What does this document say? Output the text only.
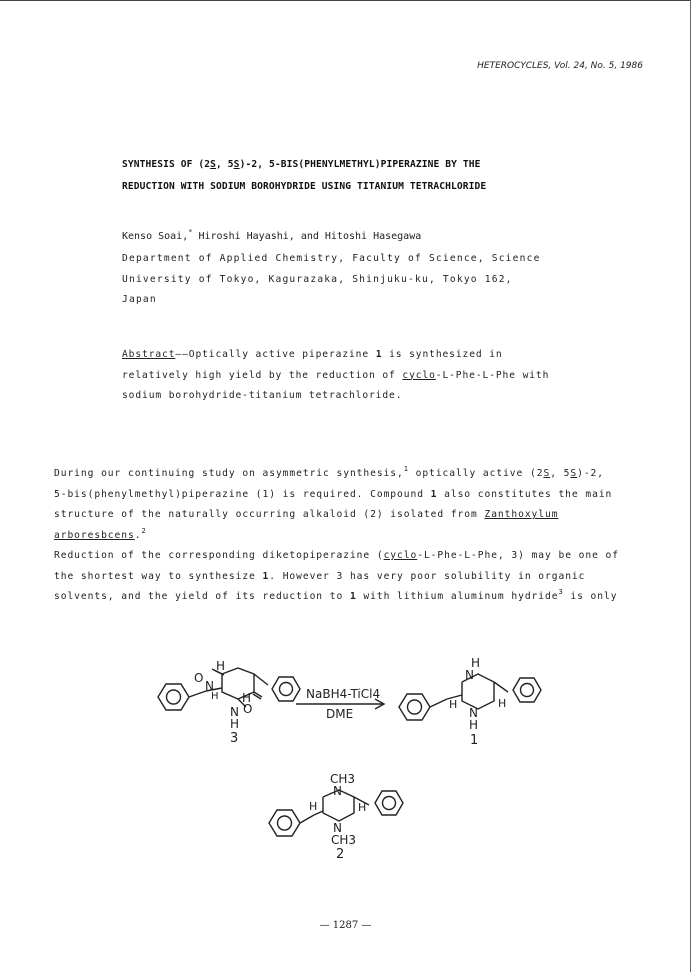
HETEROCYCLES, Vol. 24, No. 5, 1986
SYNTHESIS OF (2S, 5S)-2, 5-BIS(PHENYLMETHYL)PIPERAZINE BY THE
REDUCTION WITH SODIUM BOROHYDRIDE USING TITANIUM TETRACHLORIDE
Kenso Soai,* Hiroshi Hayashi, and Hitoshi Hasegawa
Department of Applied Chemistry, Faculty of Science, Science
University of Tokyo, Kagurazaka, Shinjuku-ku, Tokyo 162,
Japan
Abstract——Optically active piperazine 1 is synthesized in
relatively high yield by the reduction of cyclo-L-Phe-L-Phe with
sodium borohydride-titanium tetrachloride.
During our continuing study on asymmetric synthesis,$^1$ optically active (2S, 5S)-2,
5-bis(phenylmethyl)piperazine (1) is required. Compound 1 also constitutes the main
structure of the naturally occurring alkaloid (2) isolated from Zanthoxylum
arboresbcens.$^2$
Reduction of the corresponding diketopiperazine (cyclo-L-Phe-L-Phe, 3) may be one of
the shortest way to synthesize 1. However 3 has very poor solubility in organic
solvents, and the yield of its reduction to 1 with lithium aluminum hydride$^3$ is only
H
O
N
H H
O
N
H
3
NaBH4-TiCl4
DME
H
N
H	H
N
H
1
CH3
N
H	H
N
CH3
2
— 1287 —
